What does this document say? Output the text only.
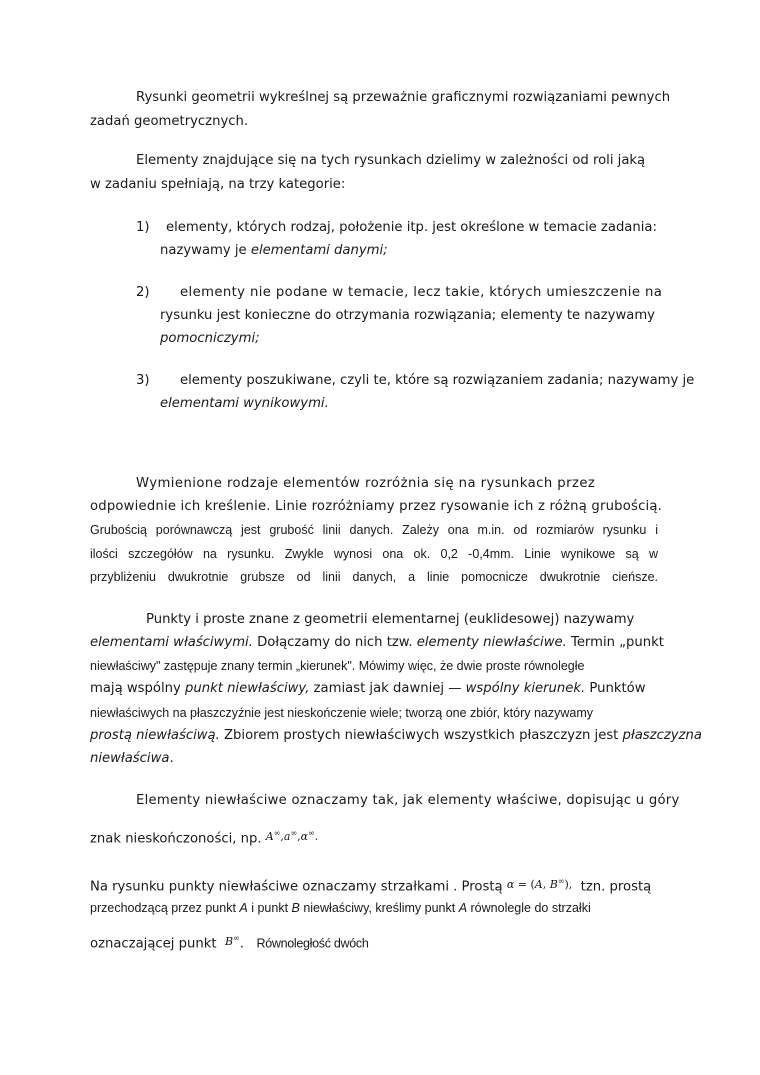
Rysunki geometrii wykreślnej są przeważnie graficznymi rozwiązaniami pewnych
zadań geometrycznych.
Elementy znajdujące się na tych rysunkach dzielimy w zależności od roli jaką
w zadaniu spełniają, na trzy kategorie:
1) elementy, których rodzaj, położenie itp. jest określone w temacie zadania:
nazywamy je elementami danymi;
2) elementy nie podane w temacie, lecz takie, których umieszczenie na
rysunku jest konieczne do otrzymania rozwiązania; elementy te nazywamy
pomocniczymi;
3) elementy poszukiwane, czyli te, które są rozwiązaniem zadania; nazywamy je
elementami wynikowymi.
Wymienione rodzaje elementów rozróżnia się na rysunkach przez
odpowiednie ich kreślenie. Linie rozróżniamy przez rysowanie ich z różną grubością.
Grubością porównawczą jest grubość linii danych. Zależy ona m.in. od rozmiarów rysunku i
ilości szczegółów na rysunku. Zwykle wynosi ona ok. 0,2 -0,4mm. Linie wynikowe są w
przybliżeniu dwukrotnie grubsze od linii danych, a linie pomocnicze dwukrotnie cieńsze.
Punkty i proste znane z geometrii elementarnej (euklidesowej) nazywamy
elementami właściwymi. Dołączamy do nich tzw. elementy niewłaściwe. Termin „punkt
niewłaściwy" zastępuje znany termin „kierunek". Mówimy więc, że dwie proste równoległe
mają wspólny punkt niewłaściwy, zamiast jak dawniej — wspólny kierunek. Punktów
niewłaściwych na płaszczyźnie jest nieskończenie wiele; tworzą one zbiór, który nazywamy
prostą niewłaściwą. Zbiorem prostych niewłaściwych wszystkich płaszczyzn jest płaszczyzna
niewłaściwa.
Elementy niewłaściwe oznaczamy tak, jak elementy właściwe, dopisując u góry
znak nieskończoności, np. $^{A^\infty,a^\infty,\alpha^\infty.}$
Na rysunku punkty niewłaściwe oznaczamy strzałkami . Prostą $^{\alpha = (A, B^\infty),}$ tzn. prostą
przechodzącą przez punkt A i punkt B niewłaściwy, kreślimy punkt A równolegle do strzałki
oznaczającej punkt $^{B^\infty}$. Równoległość dwóch
